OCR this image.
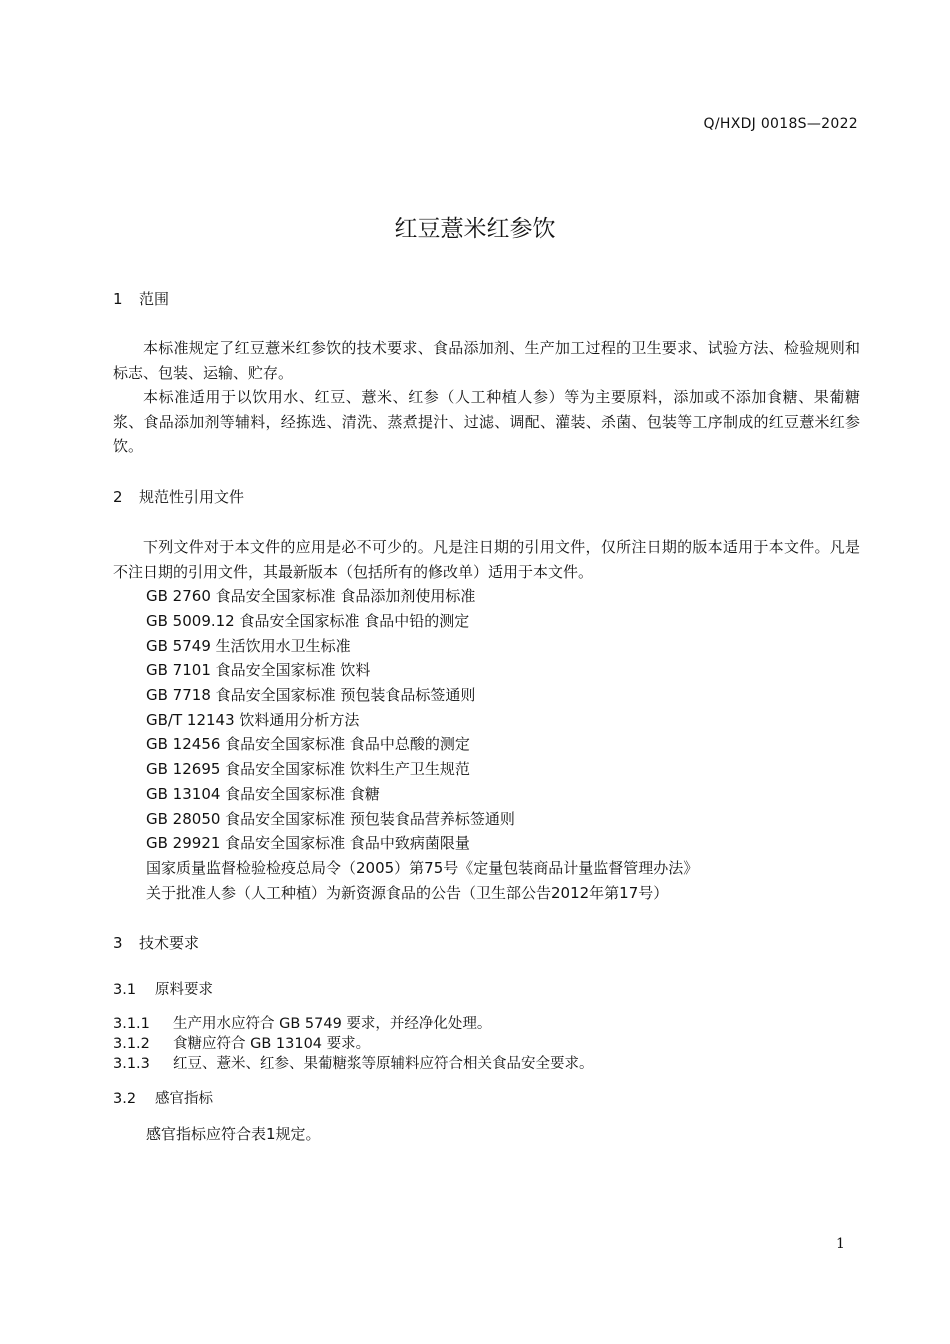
Q/HXDJ 0018S—2022
红豆薏米红参饮
1 范围
本标准规定了红豆薏米红参饮的技术要求、食品添加剂、生产加工过程的卫生要求、试验方法、检验规则和标志、包装、运输、贮存。
本标准适用于以饮用水、红豆、薏米、红参（人工种植人参）等为主要原料，添加或不添加食糖、果葡糖浆、食品添加剂等辅料，经拣选、清洗、蒸煮提汁、过滤、调配、灌装、杀菌、包装等工序制成的红豆薏米红参饮。
2 规范性引用文件
下列文件对于本文件的应用是必不可少的。凡是注日期的引用文件，仅所注日期的版本适用于本文件。凡是不注日期的引用文件，其最新版本（包括所有的修改单）适用于本文件。
GB 2760 食品安全国家标准 食品添加剂使用标准
GB 5009.12 食品安全国家标准 食品中铅的测定
GB 5749 生活饮用水卫生标准
GB 7101 食品安全国家标准 饮料
GB 7718 食品安全国家标准 预包装食品标签通则
GB/T 12143 饮料通用分析方法
GB 12456 食品安全国家标准 食品中总酸的测定
GB 12695 食品安全国家标准 饮料生产卫生规范
GB 13104 食品安全国家标准 食糖
GB 28050 食品安全国家标准 预包装食品营养标签通则
GB 29921 食品安全国家标准 食品中致病菌限量
国家质量监督检验检疫总局令（2005）第75号《定量包装商品计量监督管理办法》
关于批准人参（人工种植）为新资源食品的公告（卫生部公告2012年第17号）
3 技术要求
3.1 原料要求
3.1.1 生产用水应符合 GB 5749 要求，并经净化处理。
3.1.2 食糖应符合 GB 13104 要求。
3.1.3 红豆、薏米、红参、果葡糖浆等原辅料应符合相关食品安全要求。
3.2 感官指标
感官指标应符合表1规定。
1
